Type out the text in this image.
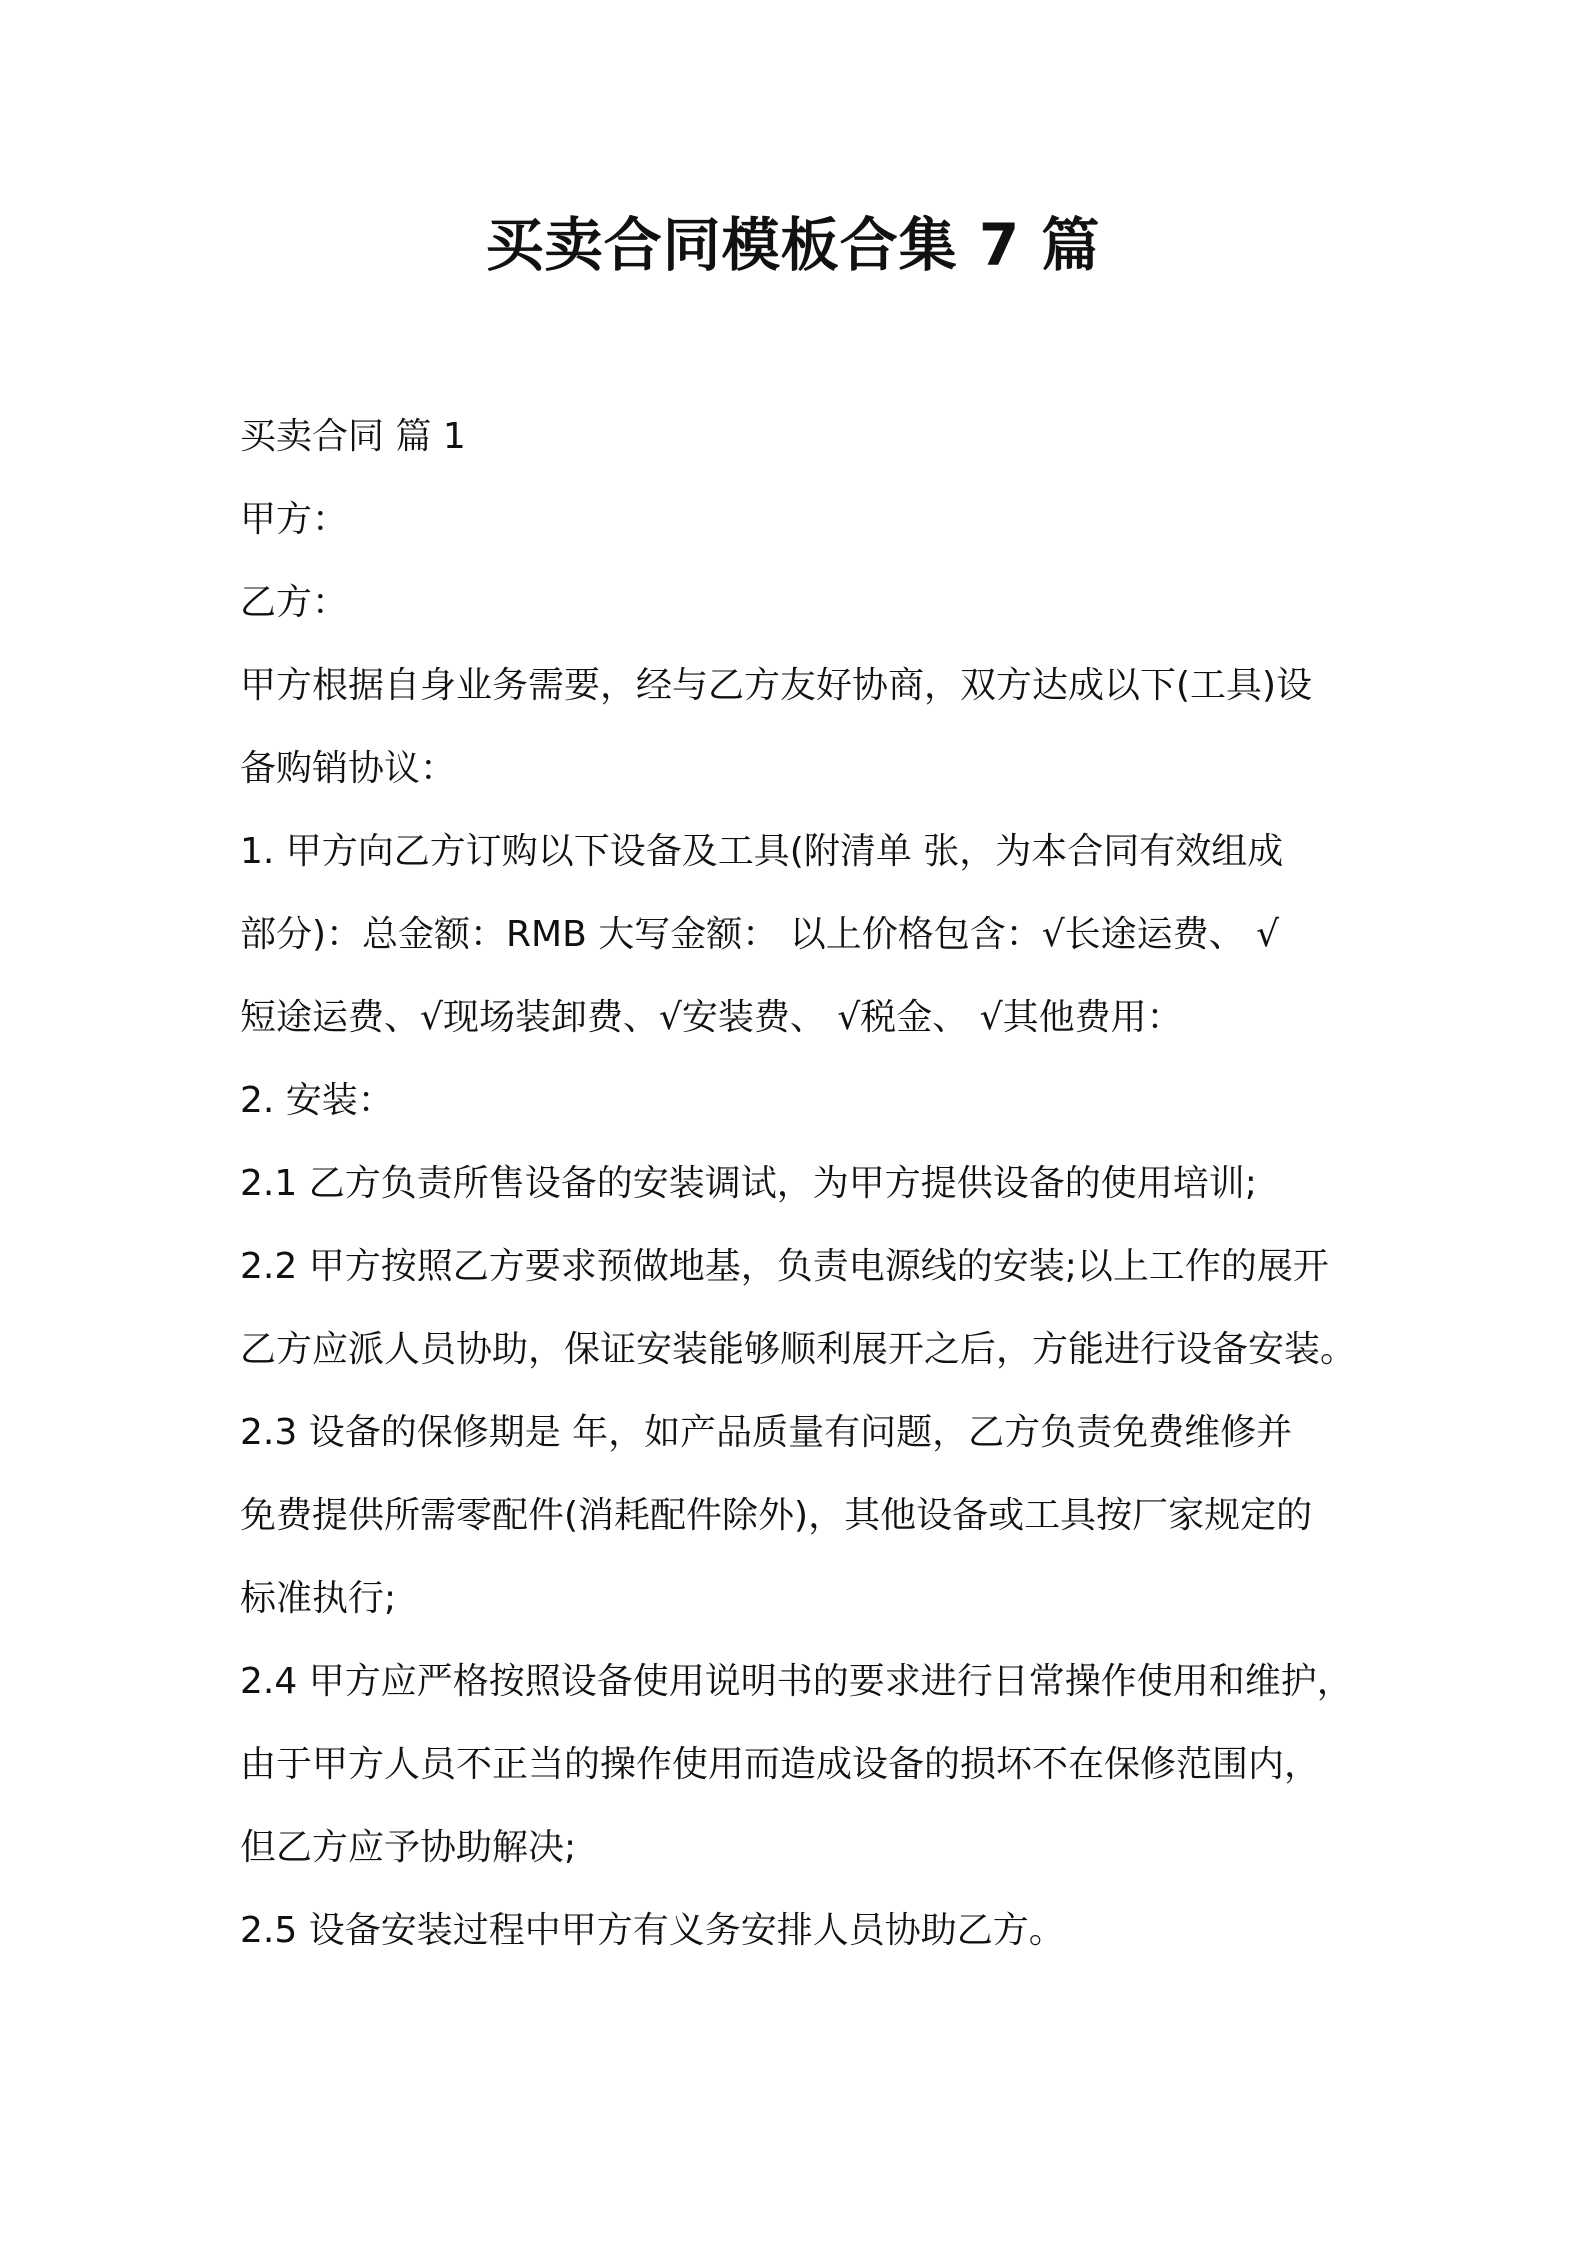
买卖合同模板合集 7 篇

买卖合同 篇 1

甲方：

乙方：

甲方根据自身业务需要，经与乙方友好协商，双方达成以下(工具)设

备购销协议：

1. 甲方向乙方订购以下设备及工具(附清单 张，为本合同有效组成

部分)：总金额：RMB 大写金额： 以上价格包含：√长途运费、 √

短途运费、√现场装卸费、√安装费、 √税金、 √其他费用：

2. 安装：

2.1 乙方负责所售设备的安装调试，为甲方提供设备的使用培训;

2.2 甲方按照乙方要求预做地基，负责电源线的安装;以上工作的展开

乙方应派人员协助，保证安装能够顺利展开之后，方能进行设备安装。

2.3 设备的保修期是 年，如产品质量有问题，乙方负责免费维修并

免费提供所需零配件(消耗配件除外)，其他设备或工具按厂家规定的

标准执行;

2.4 甲方应严格按照设备使用说明书的要求进行日常操作使用和维护，

由于甲方人员不正当的操作使用而造成设备的损坏不在保修范围内，

但乙方应予协助解决;

2.5 设备安装过程中甲方有义务安排人员协助乙方。
